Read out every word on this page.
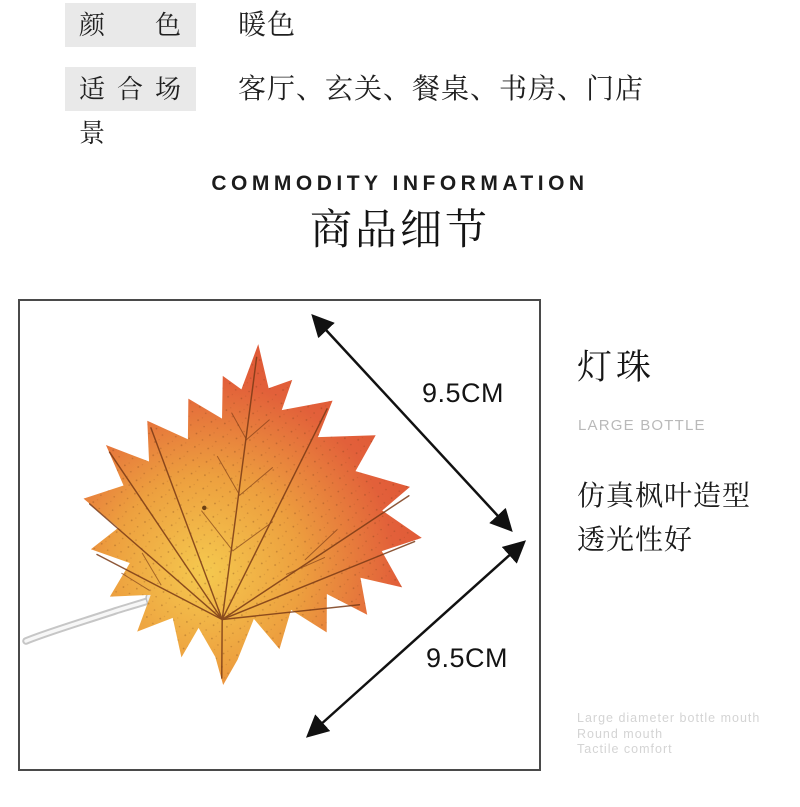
颜 色	暖色
适合场景
客厅、玄关、餐桌、书房、门店
COMMODITY INFORMATION
商品细节
9.5CM
9.5CM
灯珠
LARGE BOTTLE
仿真枫叶造型
透光性好
Large diameter bottle mouth
Round mouth
Tactile comfort
